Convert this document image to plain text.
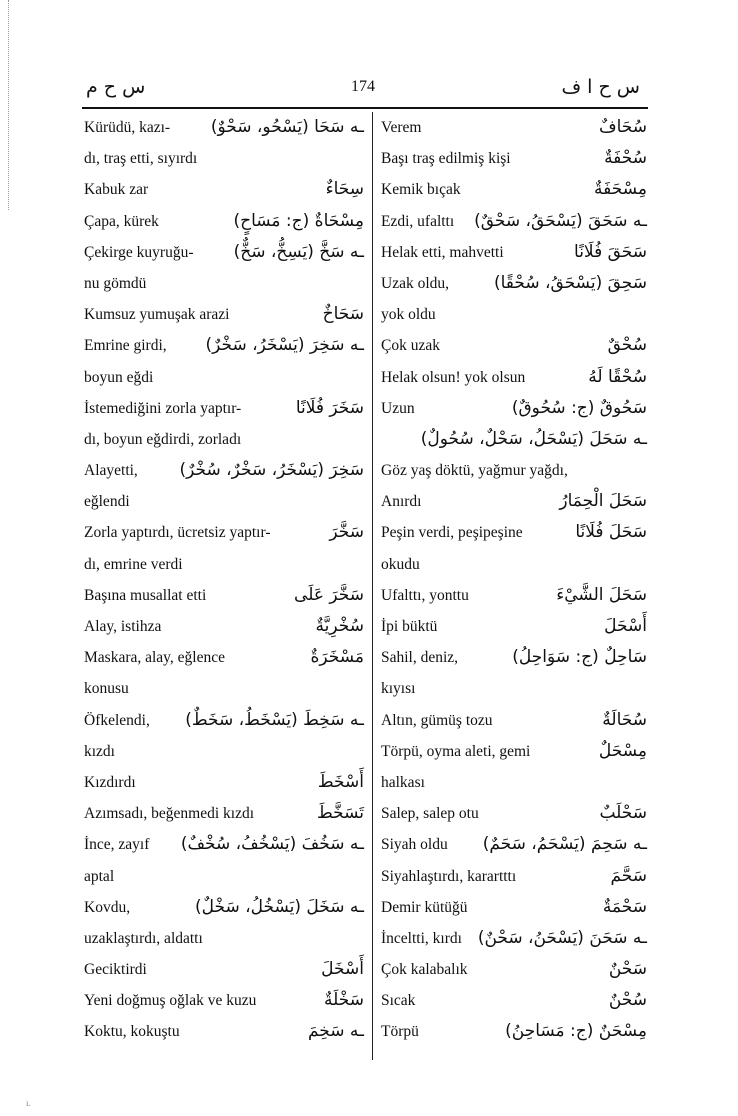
س ح م	174	س ح ا ف
Kürüdü, kazı- ـه سَحَا (يَسْحُو، سَحْوٌ)
dı, traş etti, sıyırdı
Kabuk zar	سِحَاءٌ
Çapa, kürek	مِسْحَاةٌ (ج: مَسَاحٍ)
Çekirge kuyruğu- ـه سَخَّ (يَسِخُّ، سَخٌّ)
nu gömdü
Kumsuz yumuşak arazi	سَحَاخٌ
Emrine girdi, ـه سَخِرَ (يَسْخَرُ، سَخْرٌ)
boyun eğdi
İstemediğini zorla yaptır-	سَخَرَ فُلَانًا
dı, boyun eğdirdi, zorladı
Alayetti, سَخِرَ (يَسْخَرُ، سَخْرٌ، سُخْرٌ)
eğlendi
Zorla yaptırdı, ücretsiz yaptır-	سَخَّرَ
dı, emrine verdi
Başına musallat etti	سَخَّرَ عَلَى
Alay, istihza	سُخْرِيَّةٌ
Maskara, alay, eğlence	مَسْخَرَةٌ
konusu
Öfkelendi, ـه سَخِطَ (يَسْخَطُ، سَخَطٌ)
kızdı
Kızdırdı	أَسْخَطَ
Azımsadı, beğenmedi kızdı	تَسَخَّطَ
İnce, zayıf ـه سَخُفَ (يَسْخُفُ، سُخْفٌ)
aptal
Kovdu,	ـه سَخَلَ (يَسْخُلُ، سَخْلٌ)
uzaklaştırdı, aldattı
Geciktirdi	أَسْخَلَ
Yeni doğmuş oğlak ve kuzu	سَخْلَةٌ
Koktu, kokuştu	ـه سَخِمَ
Verem	سُحَافٌ
Başı traş edilmiş kişi	سُحْفَةٌ
Kemik bıçak	مِسْحَفَةٌ
Ezdi, ufalttı ـه سَحَقَ (يَسْحَقُ، سَحْقٌ)
Helak etti, mahvetti	سَحَقَ فُلَانًا
Uzak oldu,	سَحِقَ (يَسْحَقُ، سُحْقًا)
yok oldu
Çok uzak	سُحْقٌ
Helak olsun! yok olsun	سُحْقًا لَهُ
Uzun	سَحُوقٌ (ج: سُحُوقٌ)
ـه سَحَلَ (يَسْحَلُ، سَحْلٌ، سُحُولٌ)
Göz yaş döktü, yağmur yağdı,
Anırdı	سَحَلَ الْحِمَارُ
Peşin verdi, peşipeşine	سَحَلَ فُلَانًا
okudu
Ufalttı, yonttu	سَحَلَ الشَّيْءَ
İpi büktü	أَسْحَلَ
Sahil, deniz,	سَاحِلٌ (ج: سَوَاحِلُ)
kıyısı
Altın, gümüş tozu	سُحَالَةٌ
Törpü, oyma aleti, gemi	مِسْحَلٌ
halkası
Salep, salep otu	سَحْلَبٌ
Siyah oldu ـه سَحِمَ (يَسْحَمُ، سَحَمٌ)
Siyahlaştırdı, karartttı	سَحَّمَ
Demir kütüğü	سَحْمَةٌ
İnceltti, kırdı ـه سَحَنَ (يَسْحَنُ، سَحْنٌ)
Çok kalabalık	سَحْنٌ
Sıcak	سُحْنٌ
Törpü	مِسْحَنٌ (ج: مَسَاحِنُ)
ı.
